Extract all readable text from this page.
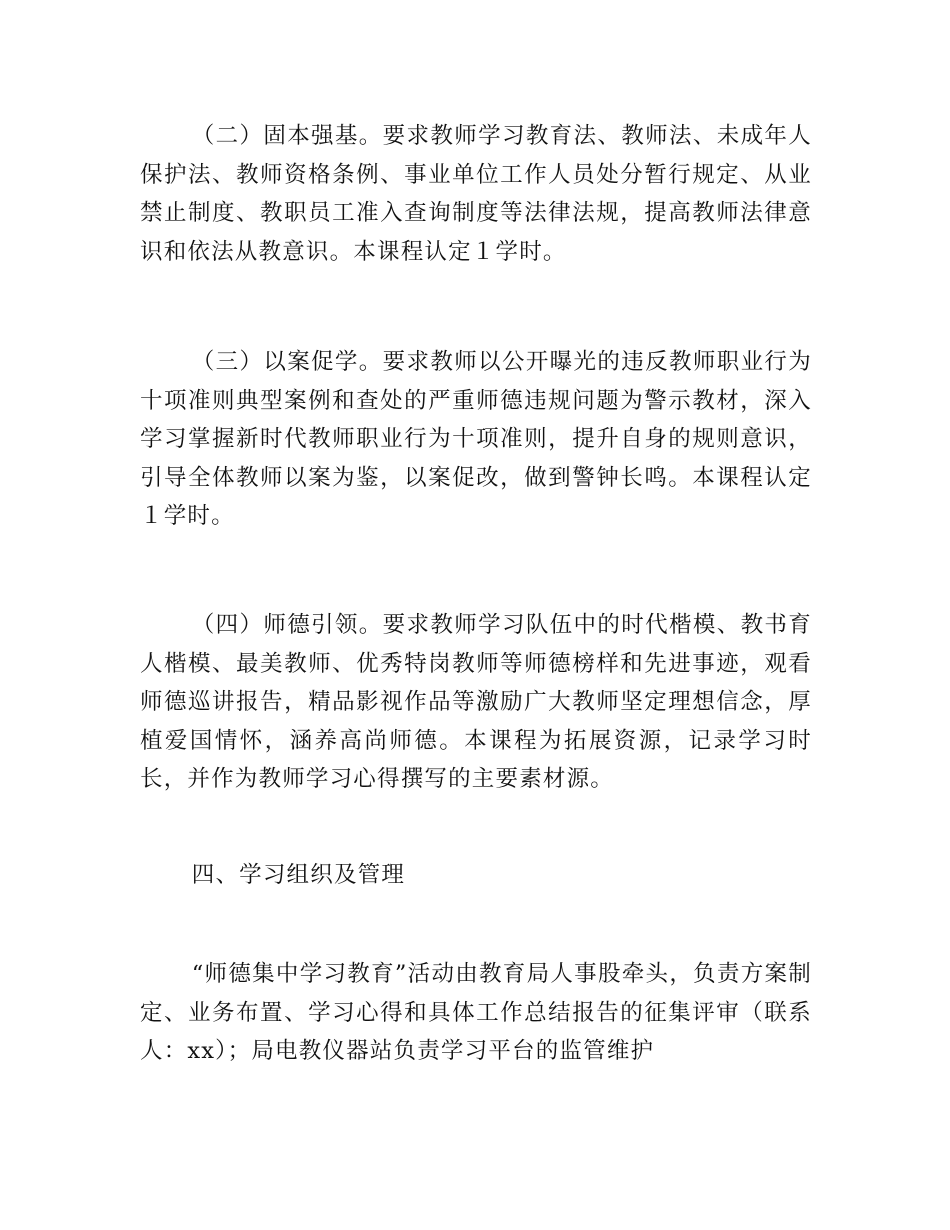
（二）固本强基。要求教师学习教育法、教师法、未成年人保护法、教师资格条例、事业单位工作人员处分暂行规定、从业禁止制度、教职员工准入查询制度等法律法规，提高教师法律意识和依法从教意识。本课程认定１学时。

（三）以案促学。要求教师以公开曝光的违反教师职业行为十项准则典型案例和查处的严重师德违规问题为警示教材，深入学习掌握新时代教师职业行为十项准则，提升自身的规则意识，引导全体教师以案为鉴，以案促改，做到警钟长鸣。本课程认定１学时。

（四）师德引领。要求教师学习队伍中的时代楷模、教书育人楷模、最美教师、优秀特岗教师等师德榜样和先进事迹，观看师德巡讲报告，精品影视作品等激励广大教师坚定理想信念，厚植爱国情怀，涵养高尚师德。本课程为拓展资源，记录学习时长，并作为教师学习心得撰写的主要素材源。

四、学习组织及管理

“师德集中学习教育”活动由教育局人事股牵头，负责方案制定、业务布置、学习心得和具体工作总结报告的征集评审（联系人：xx）；局电教仪器站负责学习平台的监管维护
